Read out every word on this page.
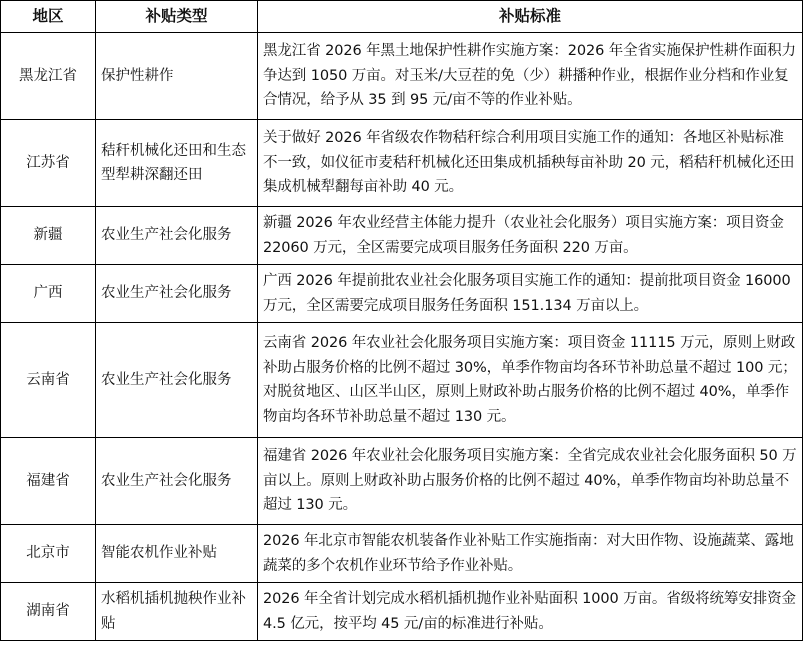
地区	补贴类型	补贴标准
黑龙江省	保护性耕作	黑龙江省 2026 年黑土地保护性耕作实施方案：2026 年全省实施保护性耕作面积力争达到 1050 万亩。对玉米/大豆茬的免（少）耕播种作业，根据作业分档和作业复合情况，给予从 35 到 95 元/亩不等的作业补贴。
江苏省	秸秆机械化还田和生态型犁耕深翻还田	关于做好 2026 年省级农作物秸秆综合利用项目实施工作的通知：各地区补贴标准不一致，如仪征市麦秸秆机械化还田集成机插秧每亩补助 20 元，稻秸秆机械化还田集成机械犁翻每亩补助 40 元。
新疆	农业生产社会化服务	新疆 2026 年农业经营主体能力提升（农业社会化服务）项目实施方案：项目资金 22060 万元，全区需要完成项目服务任务面积 220 万亩。
广西	农业生产社会化服务	广西 2026 年提前批农业社会化服务项目实施工作的通知：提前批项目资金 16000 万元，全区需要完成项目服务任务面积 151.134 万亩以上。
云南省	农业生产社会化服务	云南省 2026 年农业社会化服务项目实施方案：项目资金 11115 万元，原则上财政补助占服务价格的比例不超过 30%，单季作物亩均各环节补助总量不超过 100 元；对脱贫地区、山区半山区，原则上财政补助占服务价格的比例不超过 40%，单季作物亩均各环节补助总量不超过 130 元。
福建省	农业生产社会化服务	福建省 2026 年农业社会化服务项目实施方案：全省完成农业社会化服务面积 50 万亩以上。原则上财政补助占服务价格的比例不超过 40%，单季作物亩均补助总量不超过 130 元。
北京市	智能农机作业补贴	2026 年北京市智能农机装备作业补贴工作实施指南：对大田作物、设施蔬菜、露地蔬菜的多个农机作业环节给予作业补贴。
湖南省	水稻机插机抛秧作业补贴	2026 年全省计划完成水稻机插机抛作业补贴面积 1000 万亩。省级将统筹安排资金 4.5 亿元，按平均 45 元/亩的标准进行补贴。
